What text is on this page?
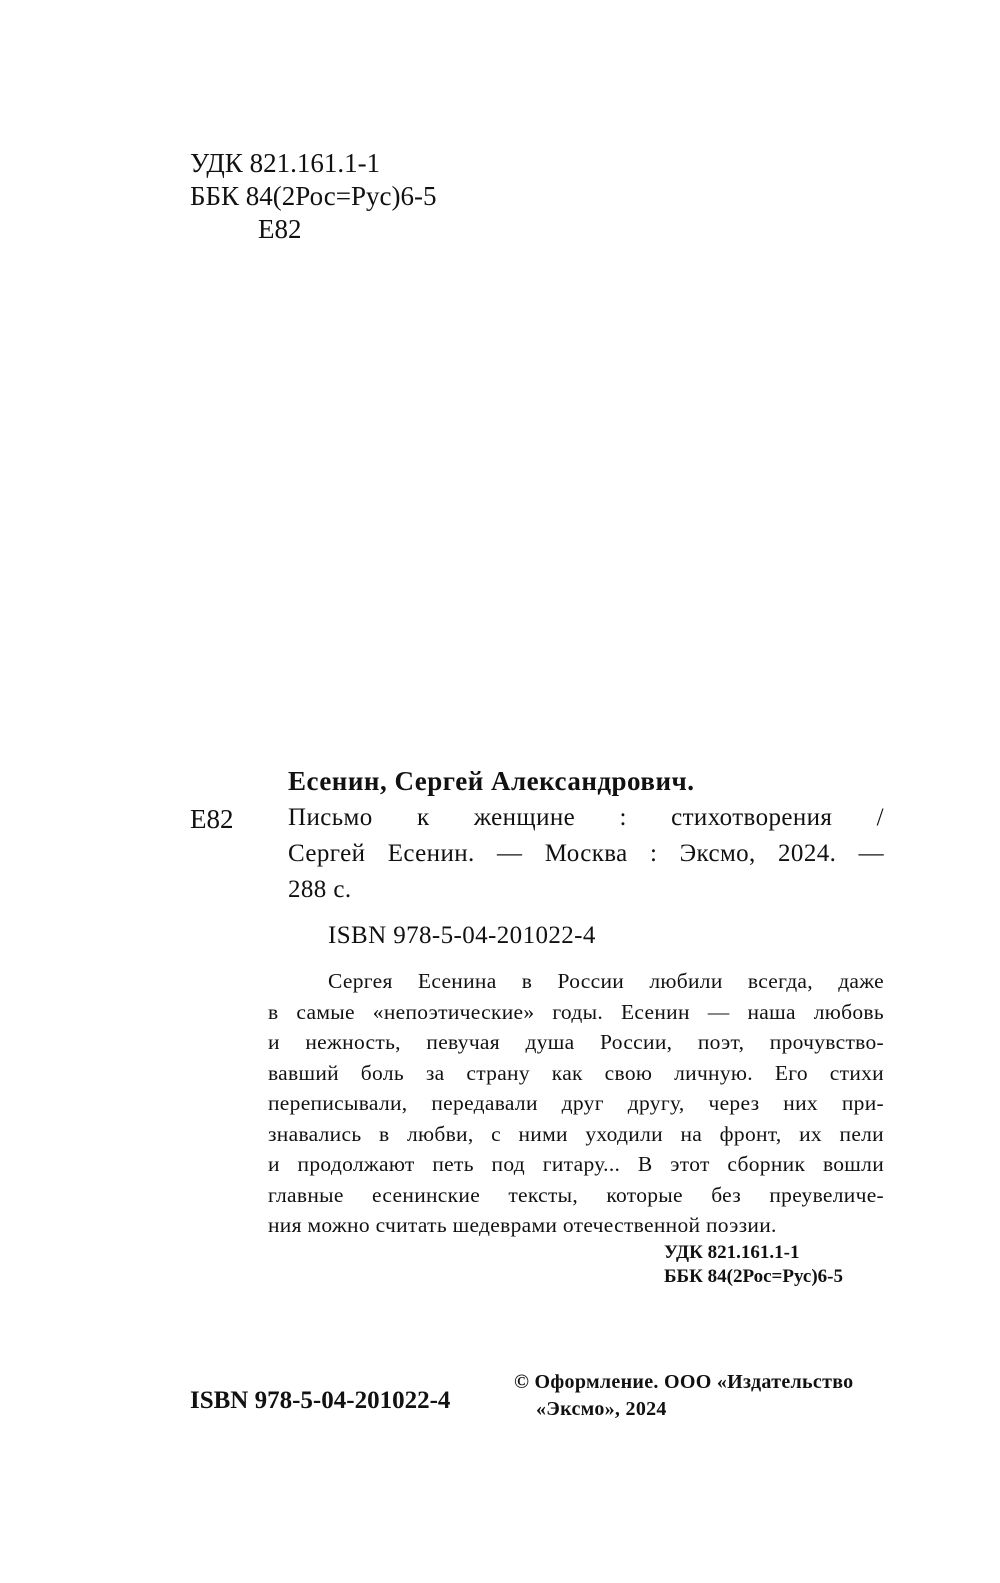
УДК 821.161.1-1
ББК 84(2Рос=Рус)6-5
Е82
Есенин, Сергей Александрович.
Е82 Письмо к женщине : стихотворения /
Сергей Есенин. — Москва : Эксмо, 2024. —
288 с.
ISBN 978-5-04-201022-4
Сергея Есенина в России любили всегда, даже
в самые «непоэтические» годы. Есенин — наша любовь
и нежность, певучая душа России, поэт, прочувство-
вавший боль за страну как свою личную. Его стихи
переписывали, передавали друг другу, через них при-
знавались в любви, с ними уходили на фронт, их пели
и продолжают петь под гитару... В этот сборник вошли
главные есенинские тексты, которые без преувеличе-
ния можно считать шедеврами отечественной поэзии.
УДК 821.161.1-1
ББК 84(2Рос=Рус)6-5
ISBN 978-5-04-201022-4
© Оформление. ООО «Издательство
«Эксмо», 2024
